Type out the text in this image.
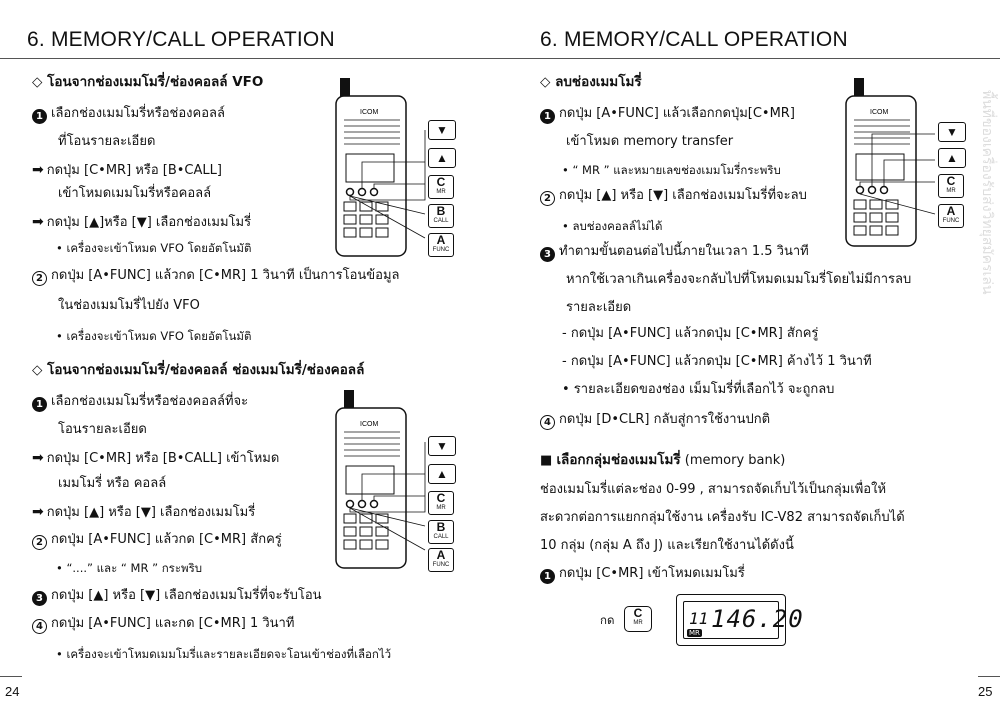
6. MEMORY/CALL OPERATION
◇ โอนจากช่องเมมโมรี่/ช่องคอลล์ VFO
1 เลือกช่องเมมโมรี่หรือช่องคอลล์
ที่โอนรายละเอียด
➡ กดปุ่ม [C•MR] หรือ [B•CALL]
เข้าโหมดเมมโมรี่หรือคอลล์
➡ กดปุ่ม [▲]หรือ [▼] เลือกช่องเมมโมรี่
• เครื่องจะเข้าโหมด VFO โดยอัตโนมัติ
2 กดปุ่ม [A•FUNC] แล้วกด [C•MR] 1 วินาที เป็นการโอนข้อมูล
ในช่องเมมโมรี่ไปยัง VFO
• เครื่องจะเข้าโหมด VFO โดยอัตโนมัติ
◇ โอนจากช่องเมมโมรี่/ช่องคอลล์ ช่องเมมโมรี่/ช่องคอลล์
1 เลือกช่องเมมโมรี่หรือช่องคอลล์ที่จะ
โอนรายละเอียด
➡ กดปุ่ม [C•MR] หรือ [B•CALL] เข้าโหมด
เมมโมรี่ หรือ คอลล์
➡ กดปุ่ม [▲] หรือ [▼] เลือกช่องเมมโมรี่
2 กดปุ่ม [A•FUNC] แล้วกด [C•MR] สักครู่
• “....” และ “ MR ” กระพริบ
3 กดปุ่ม [▲] หรือ [▼] เลือกช่องเมมโมรี่ที่จะรับโอน
4 กดปุ่ม [A•FUNC] และกด [C•MR] 1 วินาที
• เครื่องจะเข้าโหมดเมมโมรี่และรายละเอียดจะโอนเข้าช่องที่เลือกไว้
24
ICOM
▼
▲
C
MR
B
CALL
A
FUNC
ICOM
▼
▲
C
MR
B
CALL
A
FUNC
6. MEMORY/CALL OPERATION
◇ ลบช่องเมมโมรี่
1 กดปุ่ม [A•FUNC] แล้วเลือกกดปุ่ม[C•MR]
เข้าโหมด memory transfer
• “ MR ” และหมายเลขช่องเมมโมรี่กระพริบ
2 กดปุ่ม [▲] หรือ [▼] เลือกช่องเมมโมรี่ที่จะลบ
• ลบช่องคอลล์ไม่ได้
3 ทำตามขั้นตอนต่อไปนี้ภายในเวลา 1.5 วินาที
หากใช้เวลาเกินเครื่องจะกลับไปที่โหมดเมมโมรี่โดยไม่มีการลบ
รายละเอียด
- กดปุ่ม [A•FUNC] แล้วกดปุ่ม [C•MR] สักครู่
- กดปุ่ม [A•FUNC] แล้วกดปุ่ม [C•MR] ค้างไว้ 1 วินาที
• รายละเอียดของช่อง เม็มโมรี่ที่เลือกไว้ จะถูกลบ
4 กดปุ่ม [D•CLR] กลับสู่การใช้งานปกติ
■ เลือกกลุ่มช่องเมมโมรี่ (memory bank)
ช่องเมมโมรี่แต่ละช่อง 0-99 , สามารถจัดเก็บไว้เป็นกลุ่มเพื่อให้
สะดวกต่อการแยกกลุ่มใช้งาน เครื่องรับ IC-V82 สามารถจัดเก็บได้
10 กลุ่ม (กลุ่ม A ถึง J) และเรียกใช้งานได้ดังนี้
1 กดปุ่ม [C•MR] เข้าโหมดเมมโมรี่
กด	C
MR	11
MR 146.20
25
ICOM
▼
▲
C
MR
A
FUNC	พื้นที่ของเครื่องรับส่งวิทยุสมัครเล่น
